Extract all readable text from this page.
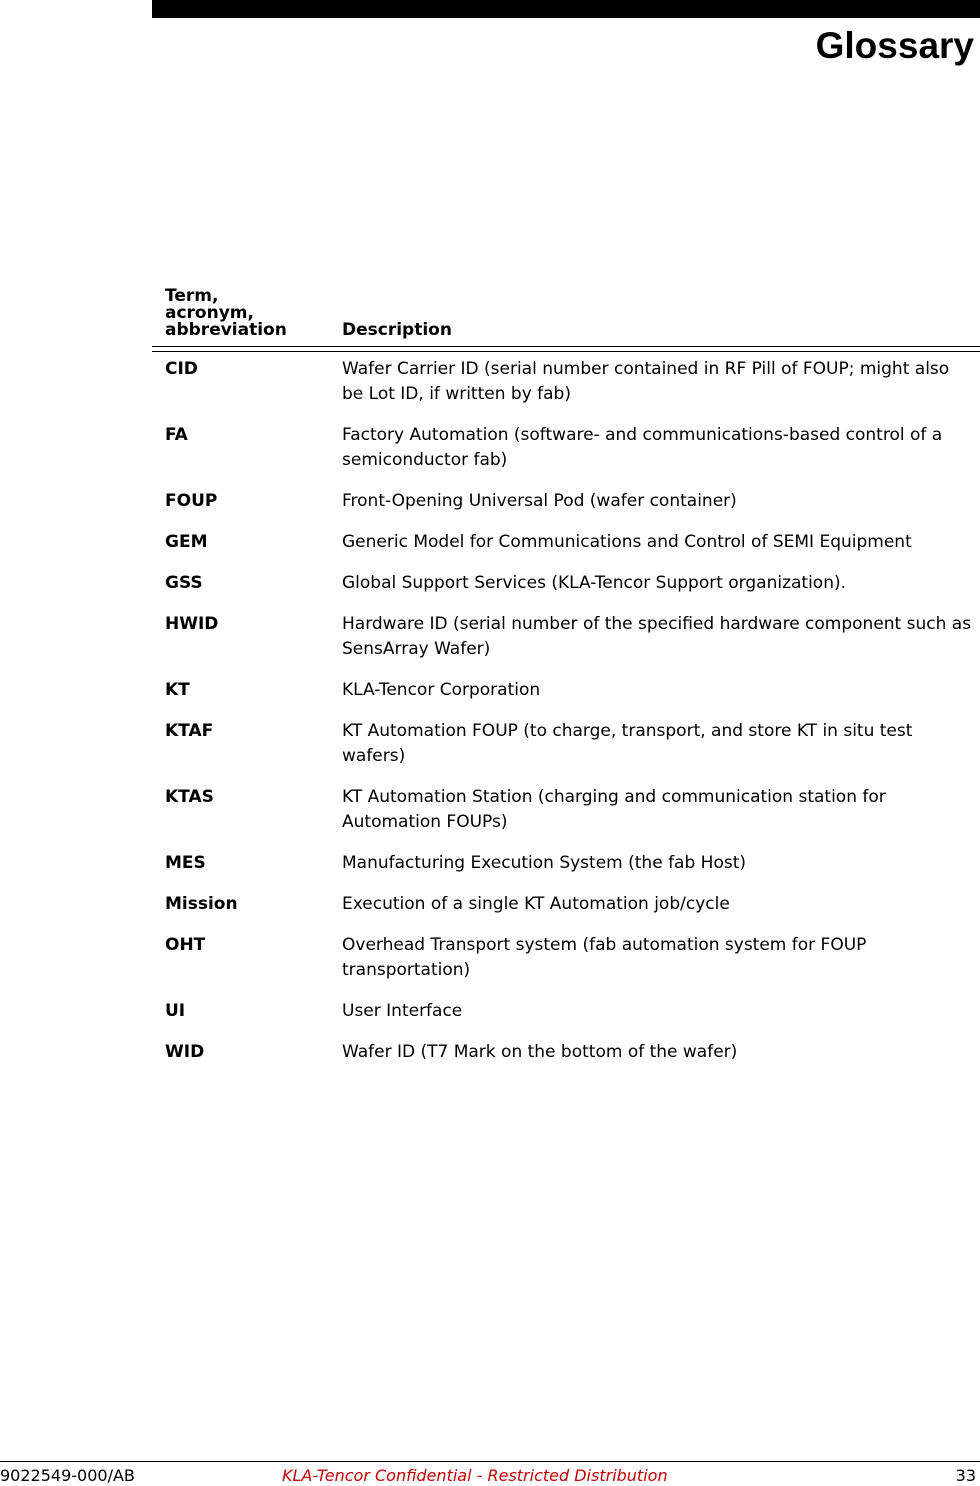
Glossary
Term,
acronym,
abbreviation	Description
CID	Wafer Carrier ID (serial number contained in RF Pill of FOUP; might also be Lot ID, if written by fab)
FA	Factory Automation (software- and communications-based control of a semiconductor fab)
FOUP	Front-Opening Universal Pod (wafer container)
GEM	Generic Model for Communications and Control of SEMI Equipment
GSS	Global Support Services (KLA-Tencor Support organization).
HWID	Hardware ID (serial number of the specified hardware component such as SensArray Wafer)
KT	KLA-Tencor Corporation
KTAF	KT Automation FOUP (to charge, transport, and store KT in situ test wafers)
KTAS	KT Automation Station (charging and communication station for Automation FOUPs)
MES	Manufacturing Execution System (the fab Host)
Mission	Execution of a single KT Automation job/cycle
OHT	Overhead Transport system (fab automation system for FOUP transportation)
UI	User Interface
WID	Wafer ID (T7 Mark on the bottom of the wafer)
9022549-000/AB	KLA-Tencor Confidential - Restricted Distribution	33
